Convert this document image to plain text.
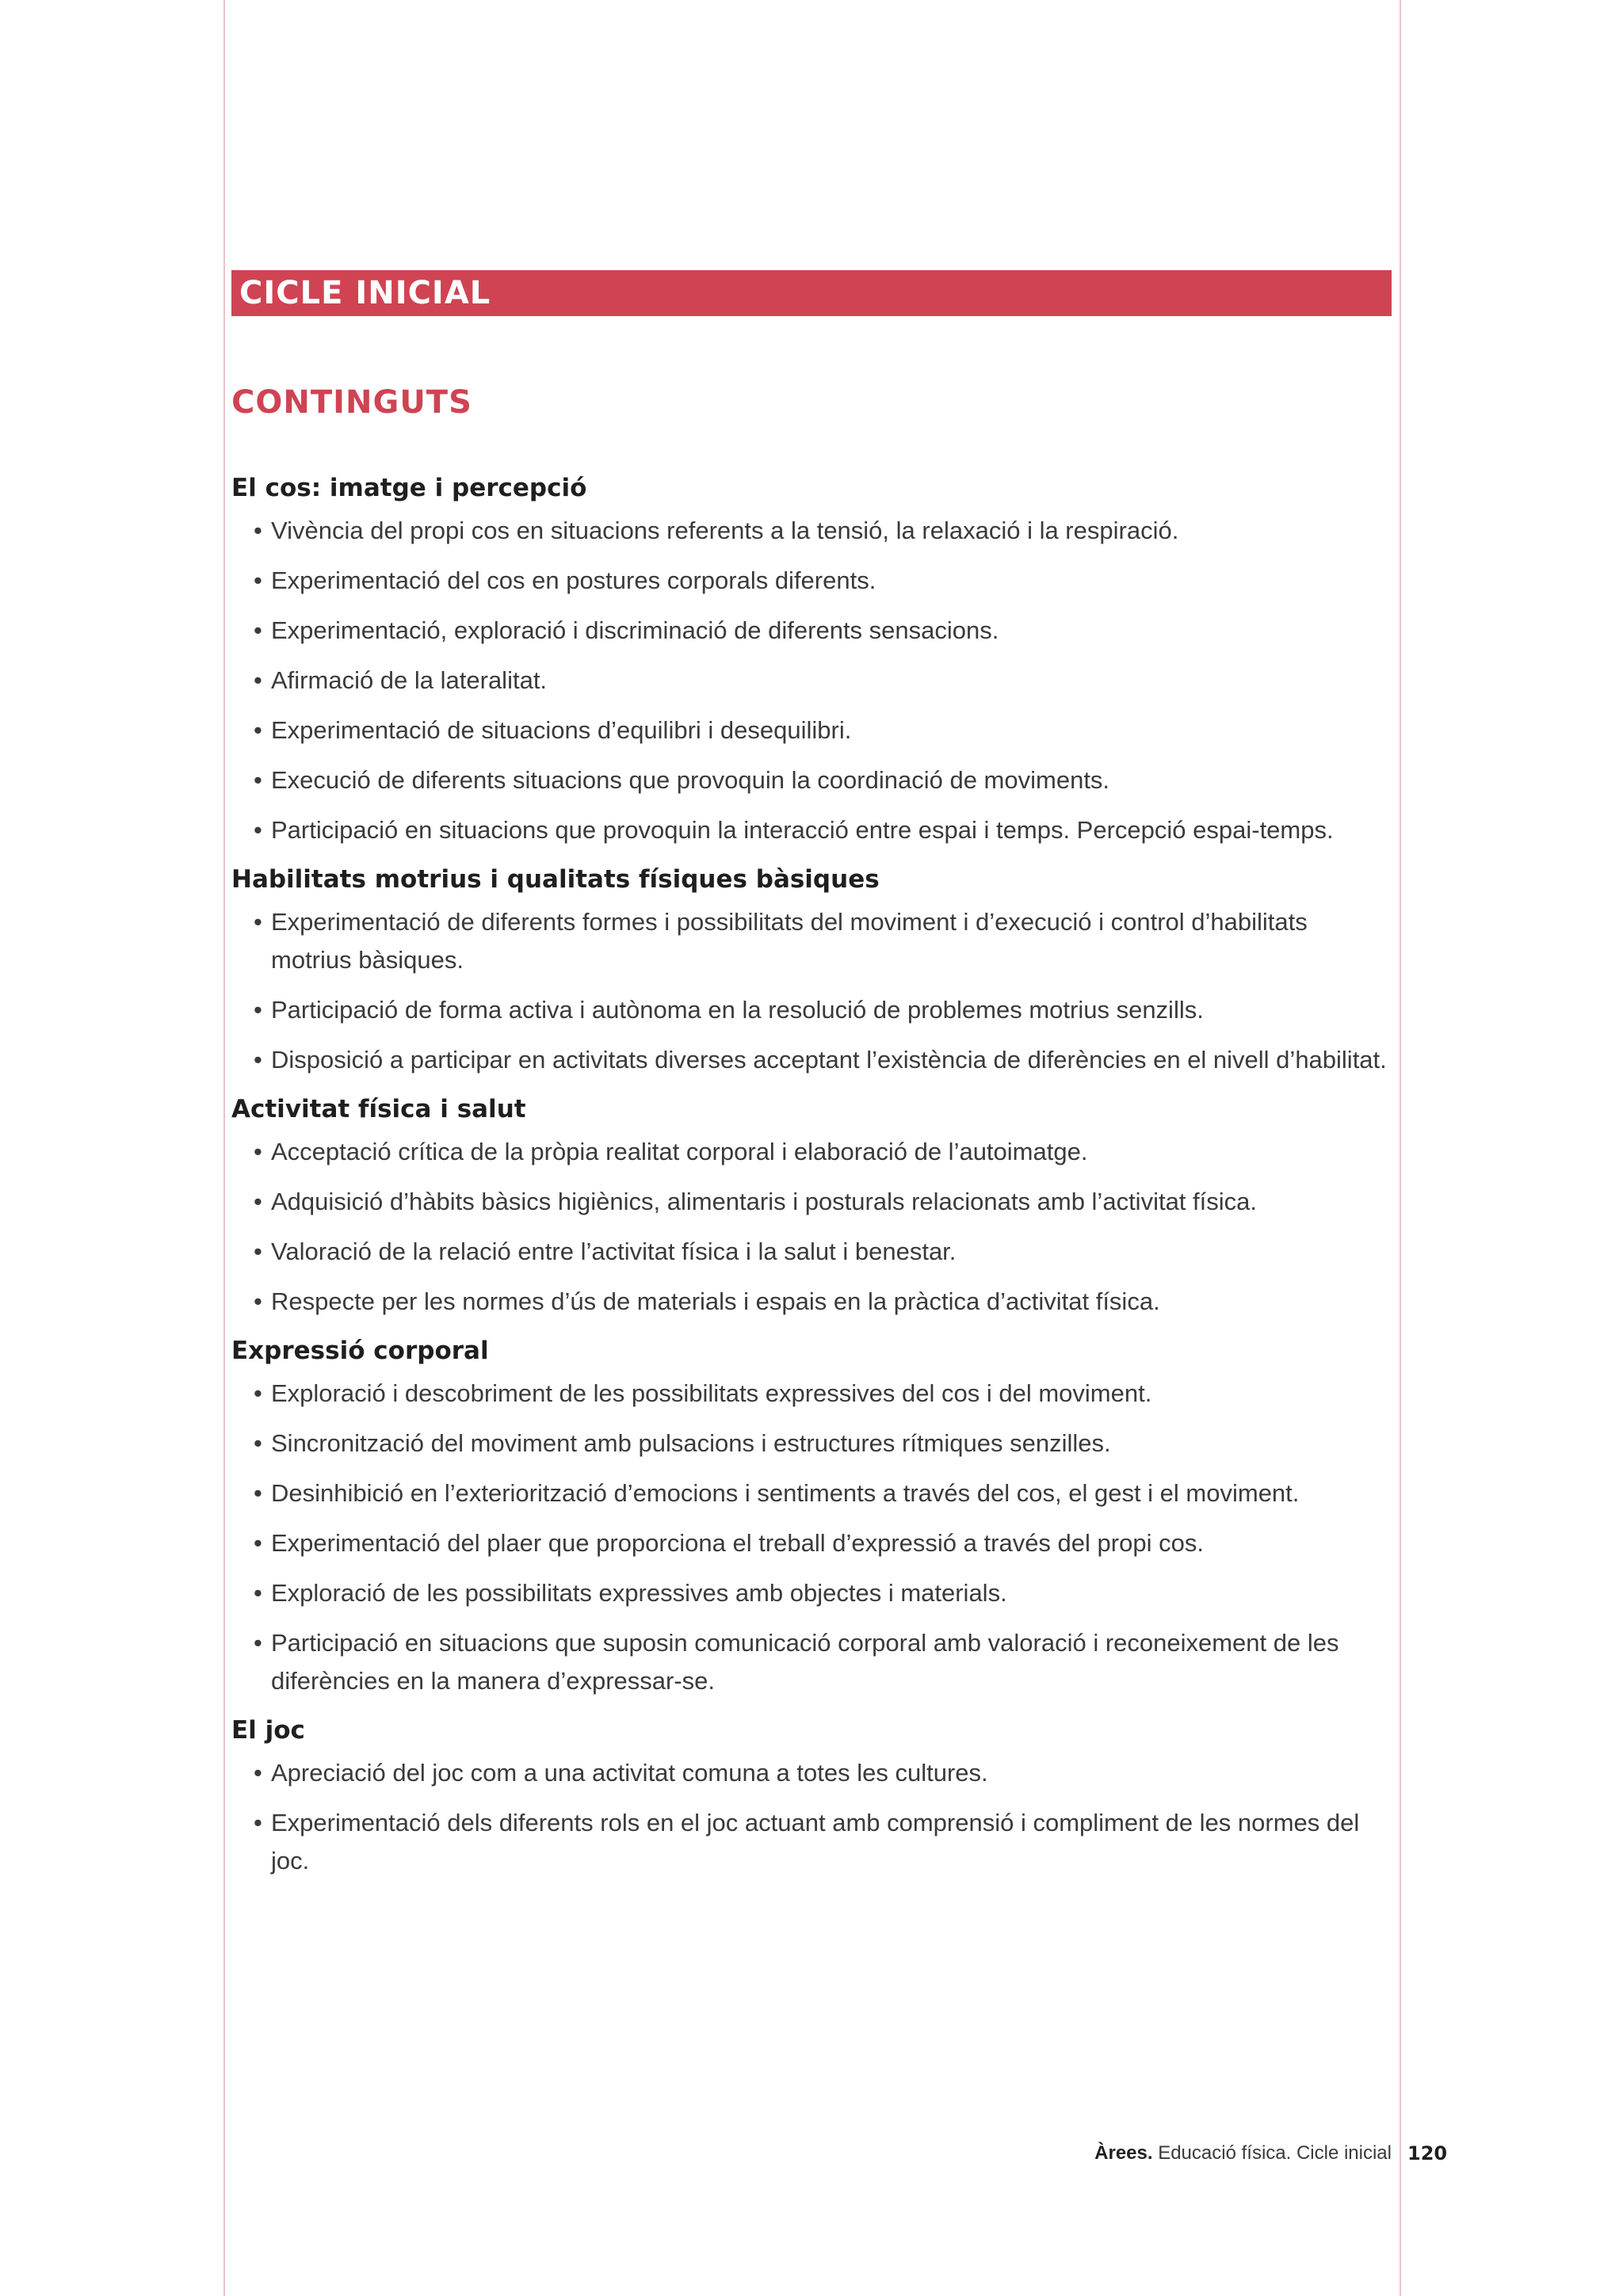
CICLE INICIAL
CONTINGUTS
El cos: imatge i percepció
• Vivència del propi cos en situacions referents a la tensió, la relaxació i la respiració.
• Experimentació del cos en postures corporals diferents.
• Experimentació, exploració i discriminació de diferents sensacions.
• Afirmació de la lateralitat.
• Experimentació de situacions d’equilibri i desequilibri.
• Execució de diferents situacions que provoquin la coordinació de moviments.
• Participació en situacions que provoquin la interacció entre espai i temps. Percepció espai-temps.
Habilitats motrius i qualitats físiques bàsiques
• Experimentació de diferents formes i possibilitats del moviment i d’execució i control d’habilitats motrius bàsiques.
• Participació de forma activa i autònoma en la resolució de problemes motrius senzills.
• Disposició a participar en activitats diverses acceptant l’existència de diferències en el nivell d’habilitat.
Activitat física i salut
• Acceptació crítica de la pròpia realitat corporal i elaboració de l’autoimatge.
• Adquisició d’hàbits bàsics higiènics, alimentaris i posturals relacionats amb l’activitat física.
• Valoració de la relació entre l’activitat física i la salut i benestar.
• Respecte per les normes d’ús de materials i espais en la pràctica d’activitat física.
Expressió corporal
• Exploració i descobriment de les possibilitats expressives del cos i del moviment.
• Sincronització del moviment amb pulsacions i estructures rítmiques senzilles.
• Desinhibició en l’exteriorització d’emocions i sentiments a través del cos, el gest i el moviment.
• Experimentació del plaer que proporciona el treball d’expressió a través del propi cos.
• Exploració de les possibilitats expressives amb objectes i materials.
• Participació en situacions que suposin comunicació corporal amb valoració i reconeixement de les diferències en la manera d’expressar-se.
El joc
• Apreciació del joc com a una activitat comuna a totes les cultures.
• Experimentació dels diferents rols en el joc actuant amb comprensió i compliment de les normes del joc.
Àrees. Educació física. Cicle inicial 120
